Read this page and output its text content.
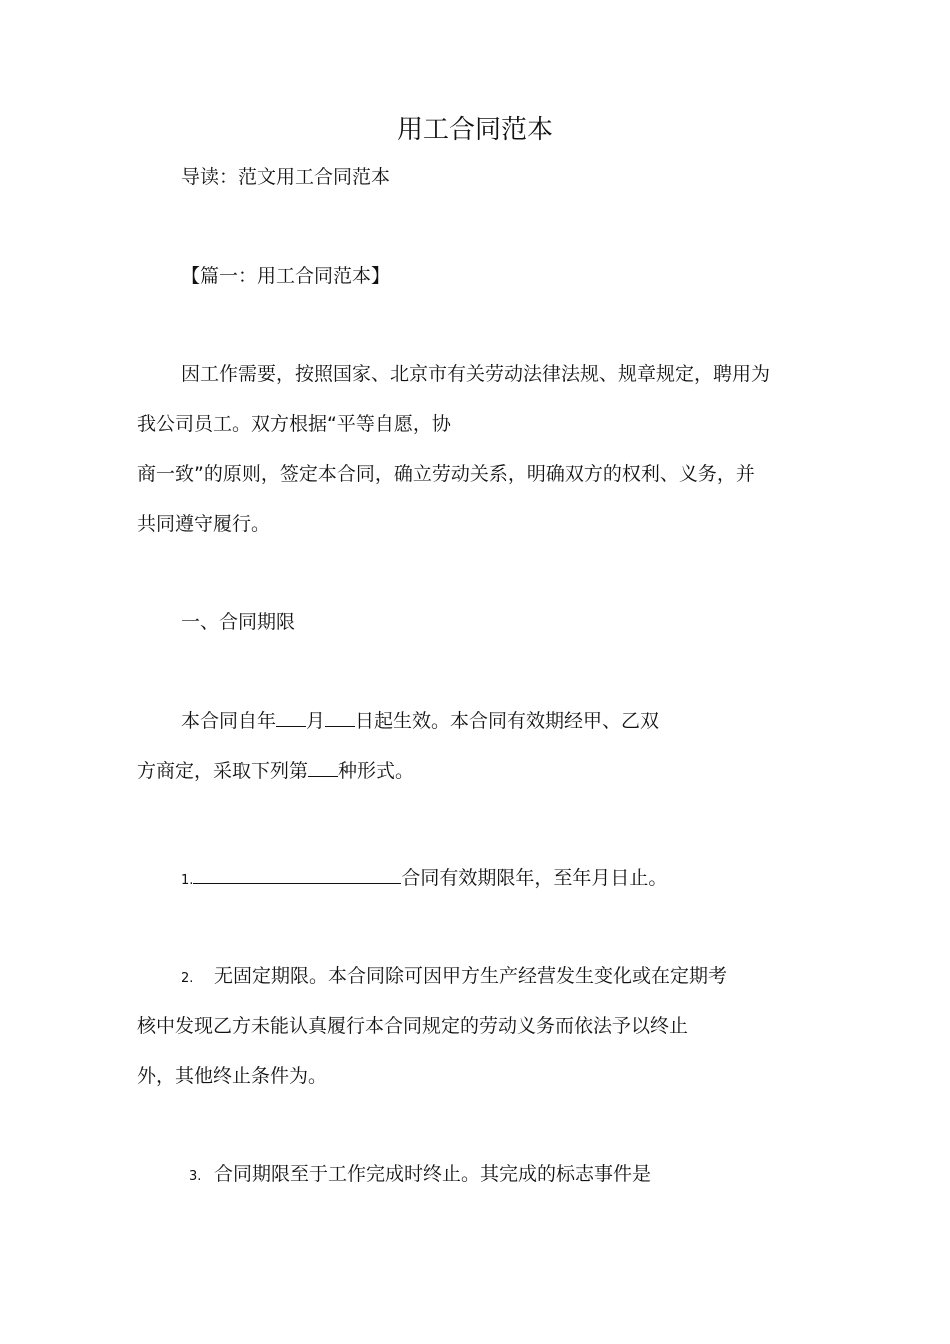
用工合同范本
导读：范文用工合同范本
【篇一：用工合同范本】
因工作需要，按照国家、北京市有关劳动法律法规、规章规定，聘用为
我公司员工。双方根据“平等自愿，协
商一致”的原则，签定本合同，确立劳动关系，明确双方的权利、义务，并
共同遵守履行。
一、合同期限
本合同自年 月 日起生效。本合同有效期经甲、乙双
方商定，采取下列第 种形式。
1.	合同有效期限年，至年月日止。
2. 无固定期限。本合同除可因甲方生产经营发生变化或在定期考
核中发现乙方未能认真履行本合同规定的劳动义务而依法予以终止
外，其他终止条件为。
3. 合同期限至于工作完成时终止。其完成的标志事件是
